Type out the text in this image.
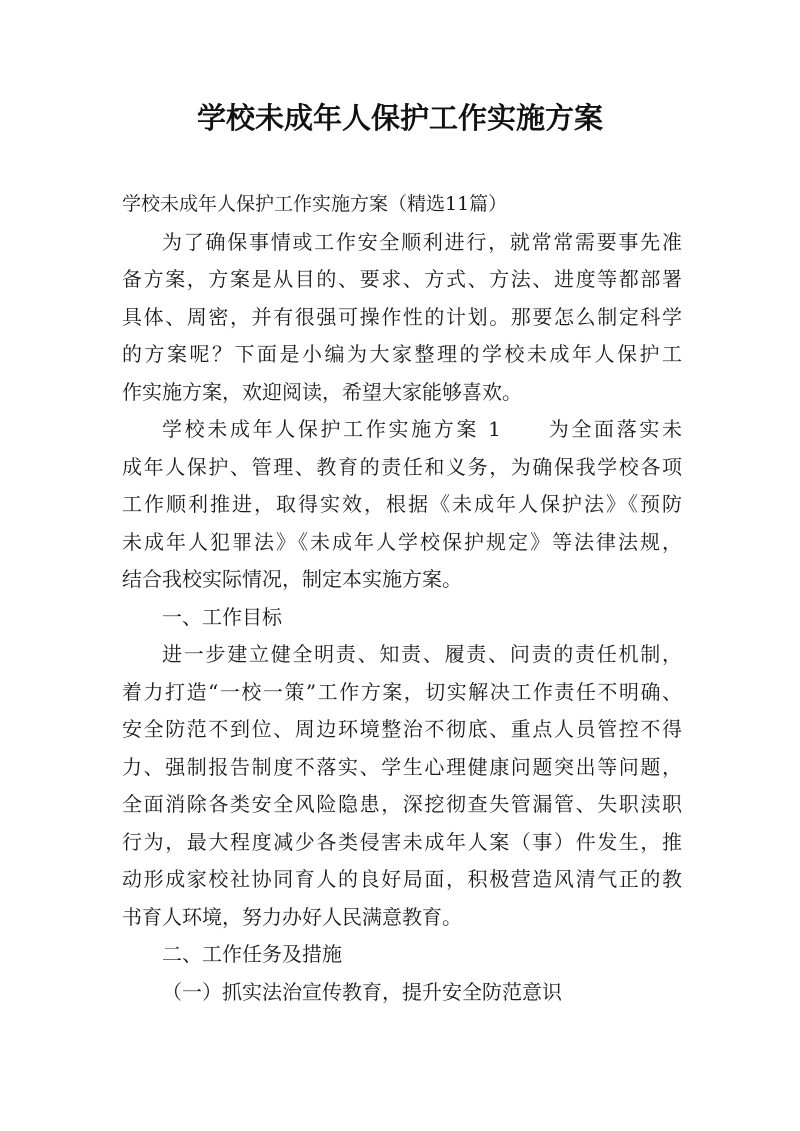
学校未成年人保护工作实施方案
学校未成年人保护工作实施方案（精选11篇）
为了确保事情或工作安全顺利进行，就常常需要事先准
备方案，方案是从目的、要求、方式、方法、进度等都部署
具体、周密，并有很强可操作性的计划。那要怎么制定科学
的方案呢？下面是小编为大家整理的学校未成年人保护工
作实施方案，欢迎阅读，希望大家能够喜欢。
学校未成年人保护工作实施方案 1　　为全面落实未
成年人保护、管理、教育的责任和义务，为确保我学校各项
工作顺利推进，取得实效，根据《未成年人保护法》《预防
未成年人犯罪法》《未成年人学校保护规定》等法律法规，
结合我校实际情况，制定本实施方案。
一、工作目标
进一步建立健全明责、知责、履责、问责的责任机制，
着力打造“一校一策”工作方案，切实解决工作责任不明确、
安全防范不到位、周边环境整治不彻底、重点人员管控不得
力、强制报告制度不落实、学生心理健康问题突出等问题，
全面消除各类安全风险隐患，深挖彻查失管漏管、失职渎职
行为，最大程度减少各类侵害未成年人案（事）件发生，推
动形成家校社协同育人的良好局面，积极营造风清气正的教
书育人环境，努力办好人民满意教育。
二、工作任务及措施
（一）抓实法治宣传教育，提升安全防范意识
